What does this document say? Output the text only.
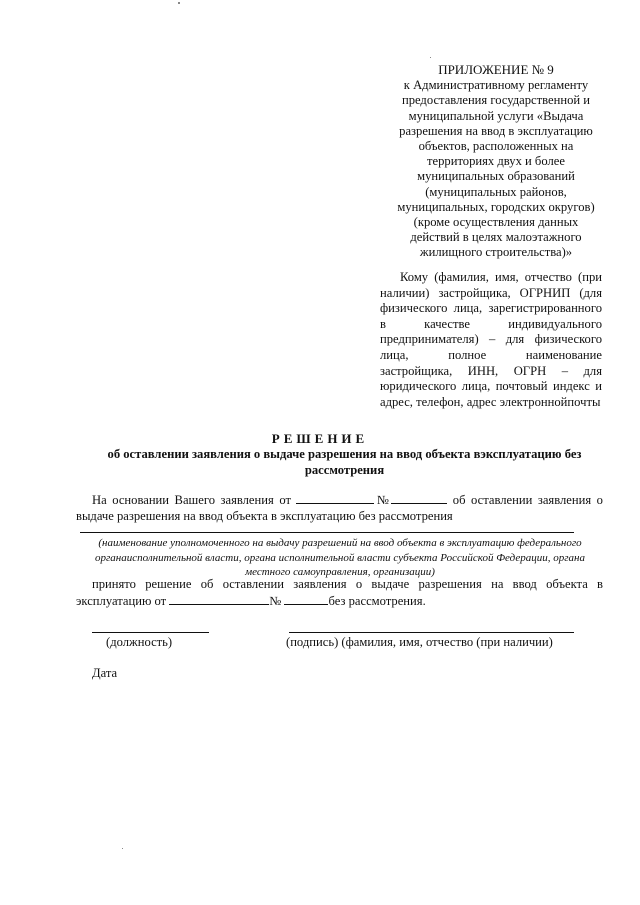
ПРИЛОЖЕНИЕ № 9
к Административному регламенту
предоставления государственной и
муниципальной услуги «Выдача
разрешения на ввод в эксплуатацию
объектов, расположенных на
территориях двух и более
муниципальных образований
(муниципальных районов,
муниципальных, городских округов)
(кроме осуществления данных
действий в целях малоэтажного
жилищного строительства)»
Кому (фамилия, имя, отчество (при наличии) застройщика, ОГРНИП (для физического лица, зарегистрированного в качестве индивидуального предпринимателя) – для физического лица, полное наименование застройщика, ИНН, ОГРН – для юридического лица, почтовый индекс и адрес, телефон, адрес электроннойпочты
РЕШЕНИЕ
об оставлении заявления о выдаче разрешения на ввод объекта вэксплуатацию без рассмотрения
На основании Вашего заявления от	№	об оставлении заявления о выдаче разрешения на ввод объекта в эксплуатацию без рассмотрения
(наименование уполномоченного на выдачу разрешений на ввод объекта в эксплуатацию федерального органаисполнительной власти, органа исполнительной власти субъекта Российской Федерации, органа местного самоуправления, организации)
принято решение об оставлении заявления о выдаче разрешения на ввод объекта в эксплуатацию от	№	без рассмотрения.
(должность)	(подпись) (фамилия, имя, отчество (при наличии)
Дата
